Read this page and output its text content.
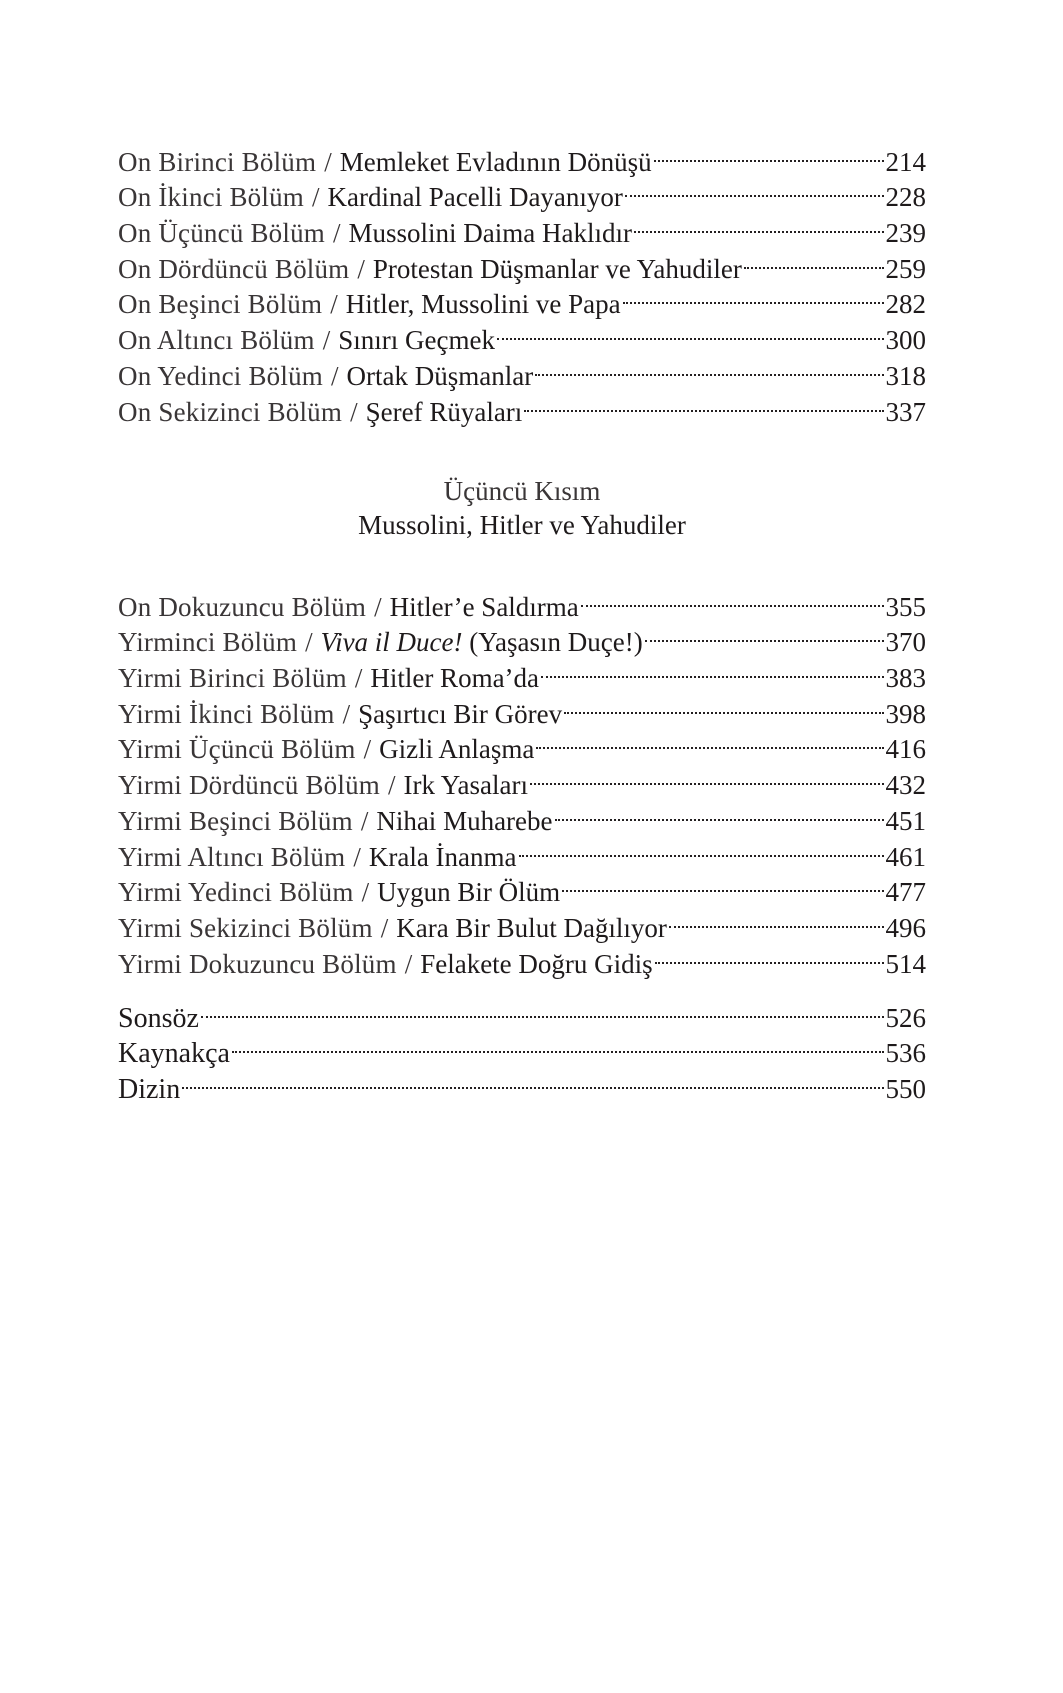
On Birinci Bölüm / Memleket Evladının Dönüşü	214
On İkinci Bölüm / Kardinal Pacelli Dayanıyor	228
On Üçüncü Bölüm / Mussolini Daima Haklıdır	239
On Dördüncü Bölüm / Protestan Düşmanlar ve Yahudiler	259
On Beşinci Bölüm / Hitler, Mussolini ve Papa	282
On Altıncı Bölüm / Sınırı Geçmek	300
On Yedinci Bölüm / Ortak Düşmanlar	318
On Sekizinci Bölüm / Şeref Rüyaları	337
Üçüncü Kısım
Mussolini, Hitler ve Yahudiler
On Dokuzuncu Bölüm / Hitler’e Saldırma	355
Yirminci Bölüm / Viva il Duce! (Yaşasın Duçe!)	370
Yirmi Birinci Bölüm / Hitler Roma’da	383
Yirmi İkinci Bölüm / Şaşırtıcı Bir Görev	398
Yirmi Üçüncü Bölüm / Gizli Anlaşma	416
Yirmi Dördüncü Bölüm / Irk Yasaları	432
Yirmi Beşinci Bölüm / Nihai Muharebe	451
Yirmi Altıncı Bölüm / Krala İnanma	461
Yirmi Yedinci Bölüm / Uygun Bir Ölüm	477
Yirmi Sekizinci Bölüm / Kara Bir Bulut Dağılıyor	496
Yirmi Dokuzuncu Bölüm / Felakete Doğru Gidiş	514
Sonsöz	526
Kaynakça	536
Dizin	550
